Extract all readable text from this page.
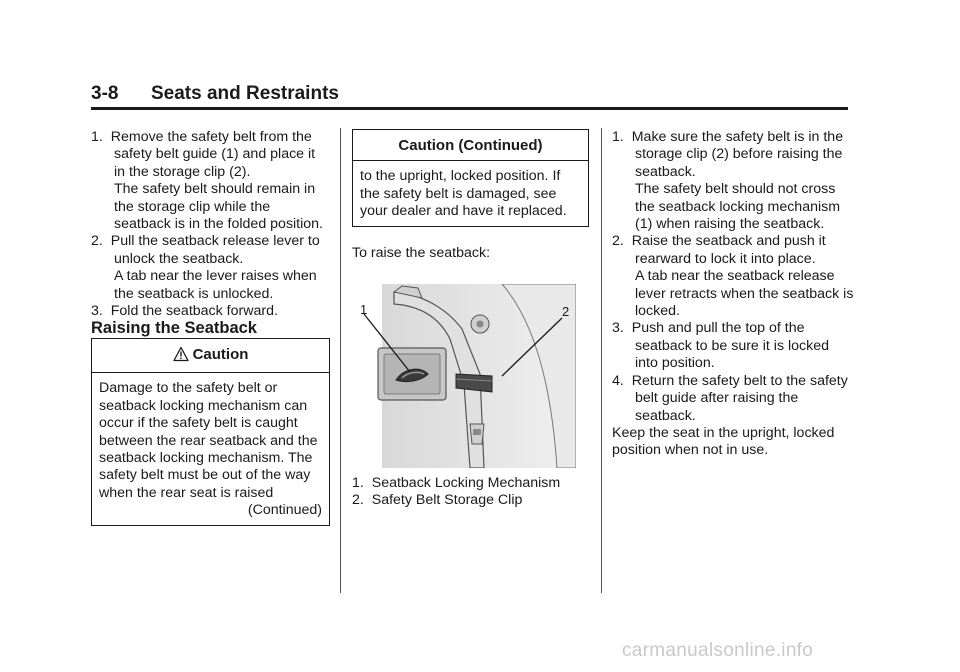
3-8 Seats and Restraints

1. Remove the safety belt from the safety belt guide (1) and place it in the storage clip (2).

The safety belt should remain in the storage clip while the seatback is in the folded position.

2. Pull the seatback release lever to unlock the seatback.

A tab near the lever raises when the seatback is unlocked.

3. Fold the seatback forward.

Raising the Seatback

Caution

Damage to the safety belt or seatback locking mechanism can occur if the safety belt is caught between the rear seatback and the seatback locking mechanism. The safety belt must be out of the way when the rear seat is raised

(Continued)

Caution (Continued)

to the upright, locked position. If the safety belt is damaged, see your dealer and have it replaced.

To raise the seatback:

1	2

1. Seatback Locking Mechanism

2. Safety Belt Storage Clip

1. Make sure the safety belt is in the storage clip (2) before raising the seatback.

The safety belt should not cross the seatback locking mechanism (1) when raising the seatback.

2. Raise the seatback and push it rearward to lock it into place.

A tab near the seatback release lever retracts when the seatback is locked.

3. Push and pull the top of the seatback to be sure it is locked into position.

4. Return the safety belt to the safety belt guide after raising the seatback.

Keep the seat in the upright, locked position when not in use.

carmanualsonline.info
